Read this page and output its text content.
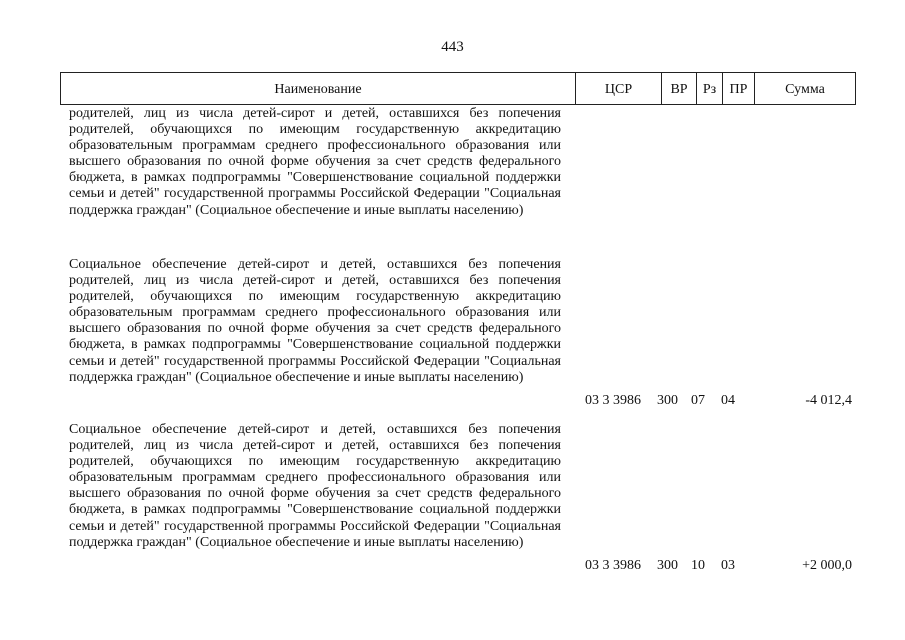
443
Наименование	ЦСР	ВР	Рз ПР	Сумма
родителей, лиц из числа детей-сирот и детей, оставшихся без попечения родителей, обучающихся по имеющим государственную аккредитацию образовательным программам среднего профессионального образования или высшего образования по очной форме обучения за счет средств федерального бюджета, в рамках подпрограммы "Совершенствование социальной поддержки семьи и детей" государственной программы Российской Федерации "Социальная поддержка граждан" (Социальное обеспечение и иные выплаты населению)
Социальное обеспечение детей-сирот и детей, оставшихся без попечения родителей, лиц из числа детей-сирот и детей, оставшихся без попечения родителей, обучающихся по имеющим государственную аккредитацию образовательным программам среднего профессионального образования или высшего образования по очной форме обучения за счет средств федерального бюджета, в рамках подпрограммы "Совершенствование социальной поддержки семьи и детей" государственной программы Российской Федерации "Социальная поддержка граждан" (Социальное обеспечение и иные выплаты населению)
03 3 3986 300 07 04	-4 012,4
Социальное обеспечение детей-сирот и детей, оставшихся без попечения родителей, лиц из числа детей-сирот и детей, оставшихся без попечения родителей, обучающихся по имеющим государственную аккредитацию образовательным программам среднего профессионального образования или высшего образования по очной форме обучения за счет средств федерального бюджета, в рамках подпрограммы "Совершенствование социальной поддержки семьи и детей" государственной программы Российской Федерации "Социальная поддержка граждан" (Социальное обеспечение и иные выплаты населению)
03 3 3986 300 10 03	+2 000,0
